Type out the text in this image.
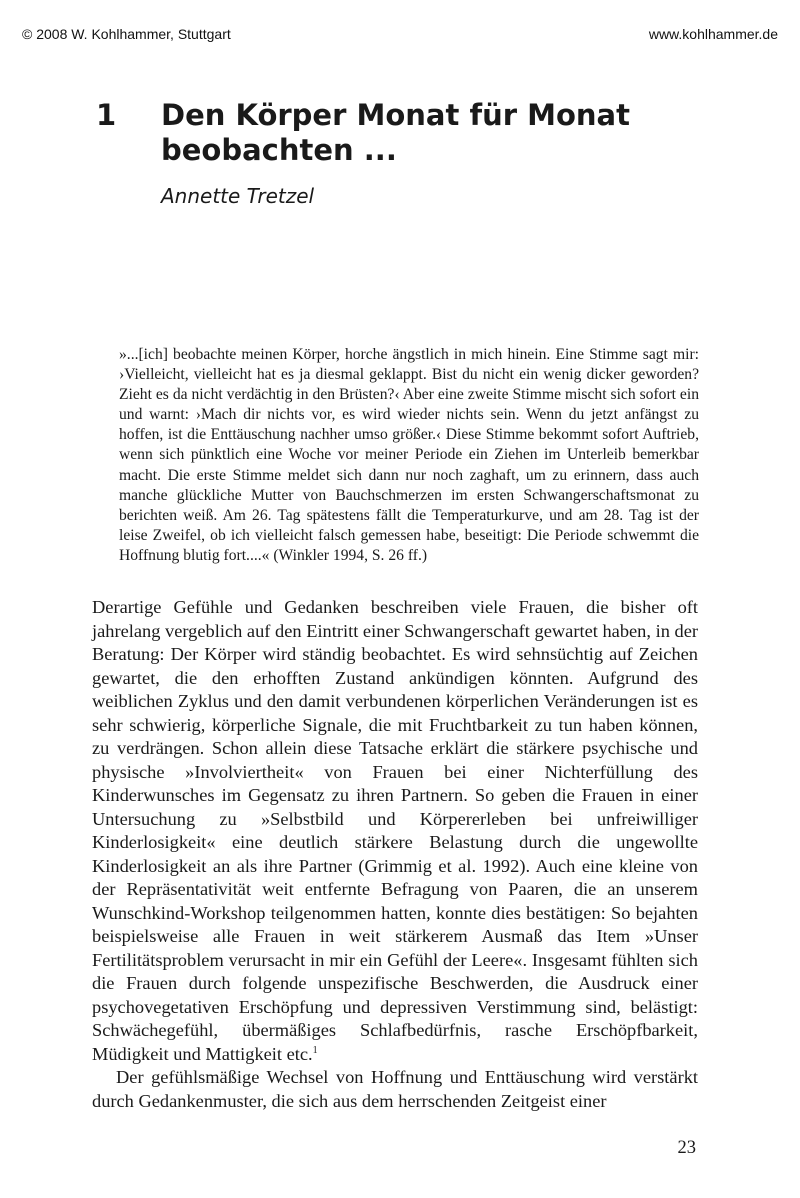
© 2008 W. Kohlhammer, Stuttgart	www.kohlhammer.de
1 Den Körper Monat für Monat beobachten ...
Annette Tretzel

»...[ich] beobachte meinen Körper, horche ängstlich in mich hinein. Eine Stimme sagt mir: ›Vielleicht, vielleicht hat es ja diesmal geklappt. Bist du nicht ein wenig dicker geworden? Zieht es da nicht verdächtig in den Brüsten?‹ Aber eine zweite Stimme mischt sich sofort ein und warnt: ›Mach dir nichts vor, es wird wieder nichts sein. Wenn du jetzt anfängst zu hoffen, ist die Enttäuschung nachher umso größer.‹ Diese Stimme bekommt sofort Auftrieb, wenn sich pünktlich eine Woche vor meiner Periode ein Ziehen im Unterleib bemerkbar macht. Die erste Stimme meldet sich dann nur noch zaghaft, um zu erinnern, dass auch manche glückliche Mutter von Bauchschmerzen im ersten Schwangerschaftsmonat zu berichten weiß. Am 26. Tag spätestens fällt die Temperaturkurve, und am 28. Tag ist der leise Zweifel, ob ich vielleicht falsch gemessen habe, beseitigt: Die Periode schwemmt die Hoffnung blutig fort....« (Winkler 1994, S. 26 ff.)

Derartige Gefühle und Gedanken beschreiben viele Frauen, die bisher oft jahrelang vergeblich auf den Eintritt einer Schwangerschaft gewartet haben, in der Beratung: Der Körper wird ständig beobachtet. Es wird sehnsüchtig auf Zeichen gewartet, die den erhofften Zustand ankündigen könnten. Aufgrund des weiblichen Zyklus und den damit verbundenen körperlichen Veränderungen ist es sehr schwierig, körperliche Signale, die mit Fruchtbarkeit zu tun haben können, zu verdrängen. Schon allein diese Tatsache erklärt die stärkere psychische und physische »Involviertheit« von Frauen bei einer Nichterfüllung des Kinderwunsches im Gegensatz zu ihren Partnern. So geben die Frauen in einer Untersuchung zu »Selbstbild und Körpererleben bei unfreiwilliger Kinderlosigkeit« eine deutlich stärkere Belastung durch die ungewollte Kinderlosigkeit an als ihre Partner (Grimmig et al. 1992). Auch eine kleine von der Repräsentativität weit entfernte Befragung von Paaren, die an unserem Wunschkind-Workshop teilgenommen hatten, konnte dies bestätigen: So bejahten beispielsweise alle Frauen in weit stärkerem Ausmaß das Item »Unser Fertilitätsproblem verursacht in mir ein Gefühl der Leere«. Insgesamt fühlten sich die Frauen durch folgende unspezifische Beschwerden, die Ausdruck einer psychovegetativen Erschöpfung und depressiven Verstimmung sind, belästigt: Schwächegefühl, übermäßiges Schlafbedürfnis, rasche Erschöpfbarkeit, Müdigkeit und Mattigkeit etc.$^1$

Der gefühlsmäßige Wechsel von Hoffnung und Enttäuschung wird verstärkt durch Gedankenmuster, die sich aus dem herrschenden Zeitgeist einer

23
